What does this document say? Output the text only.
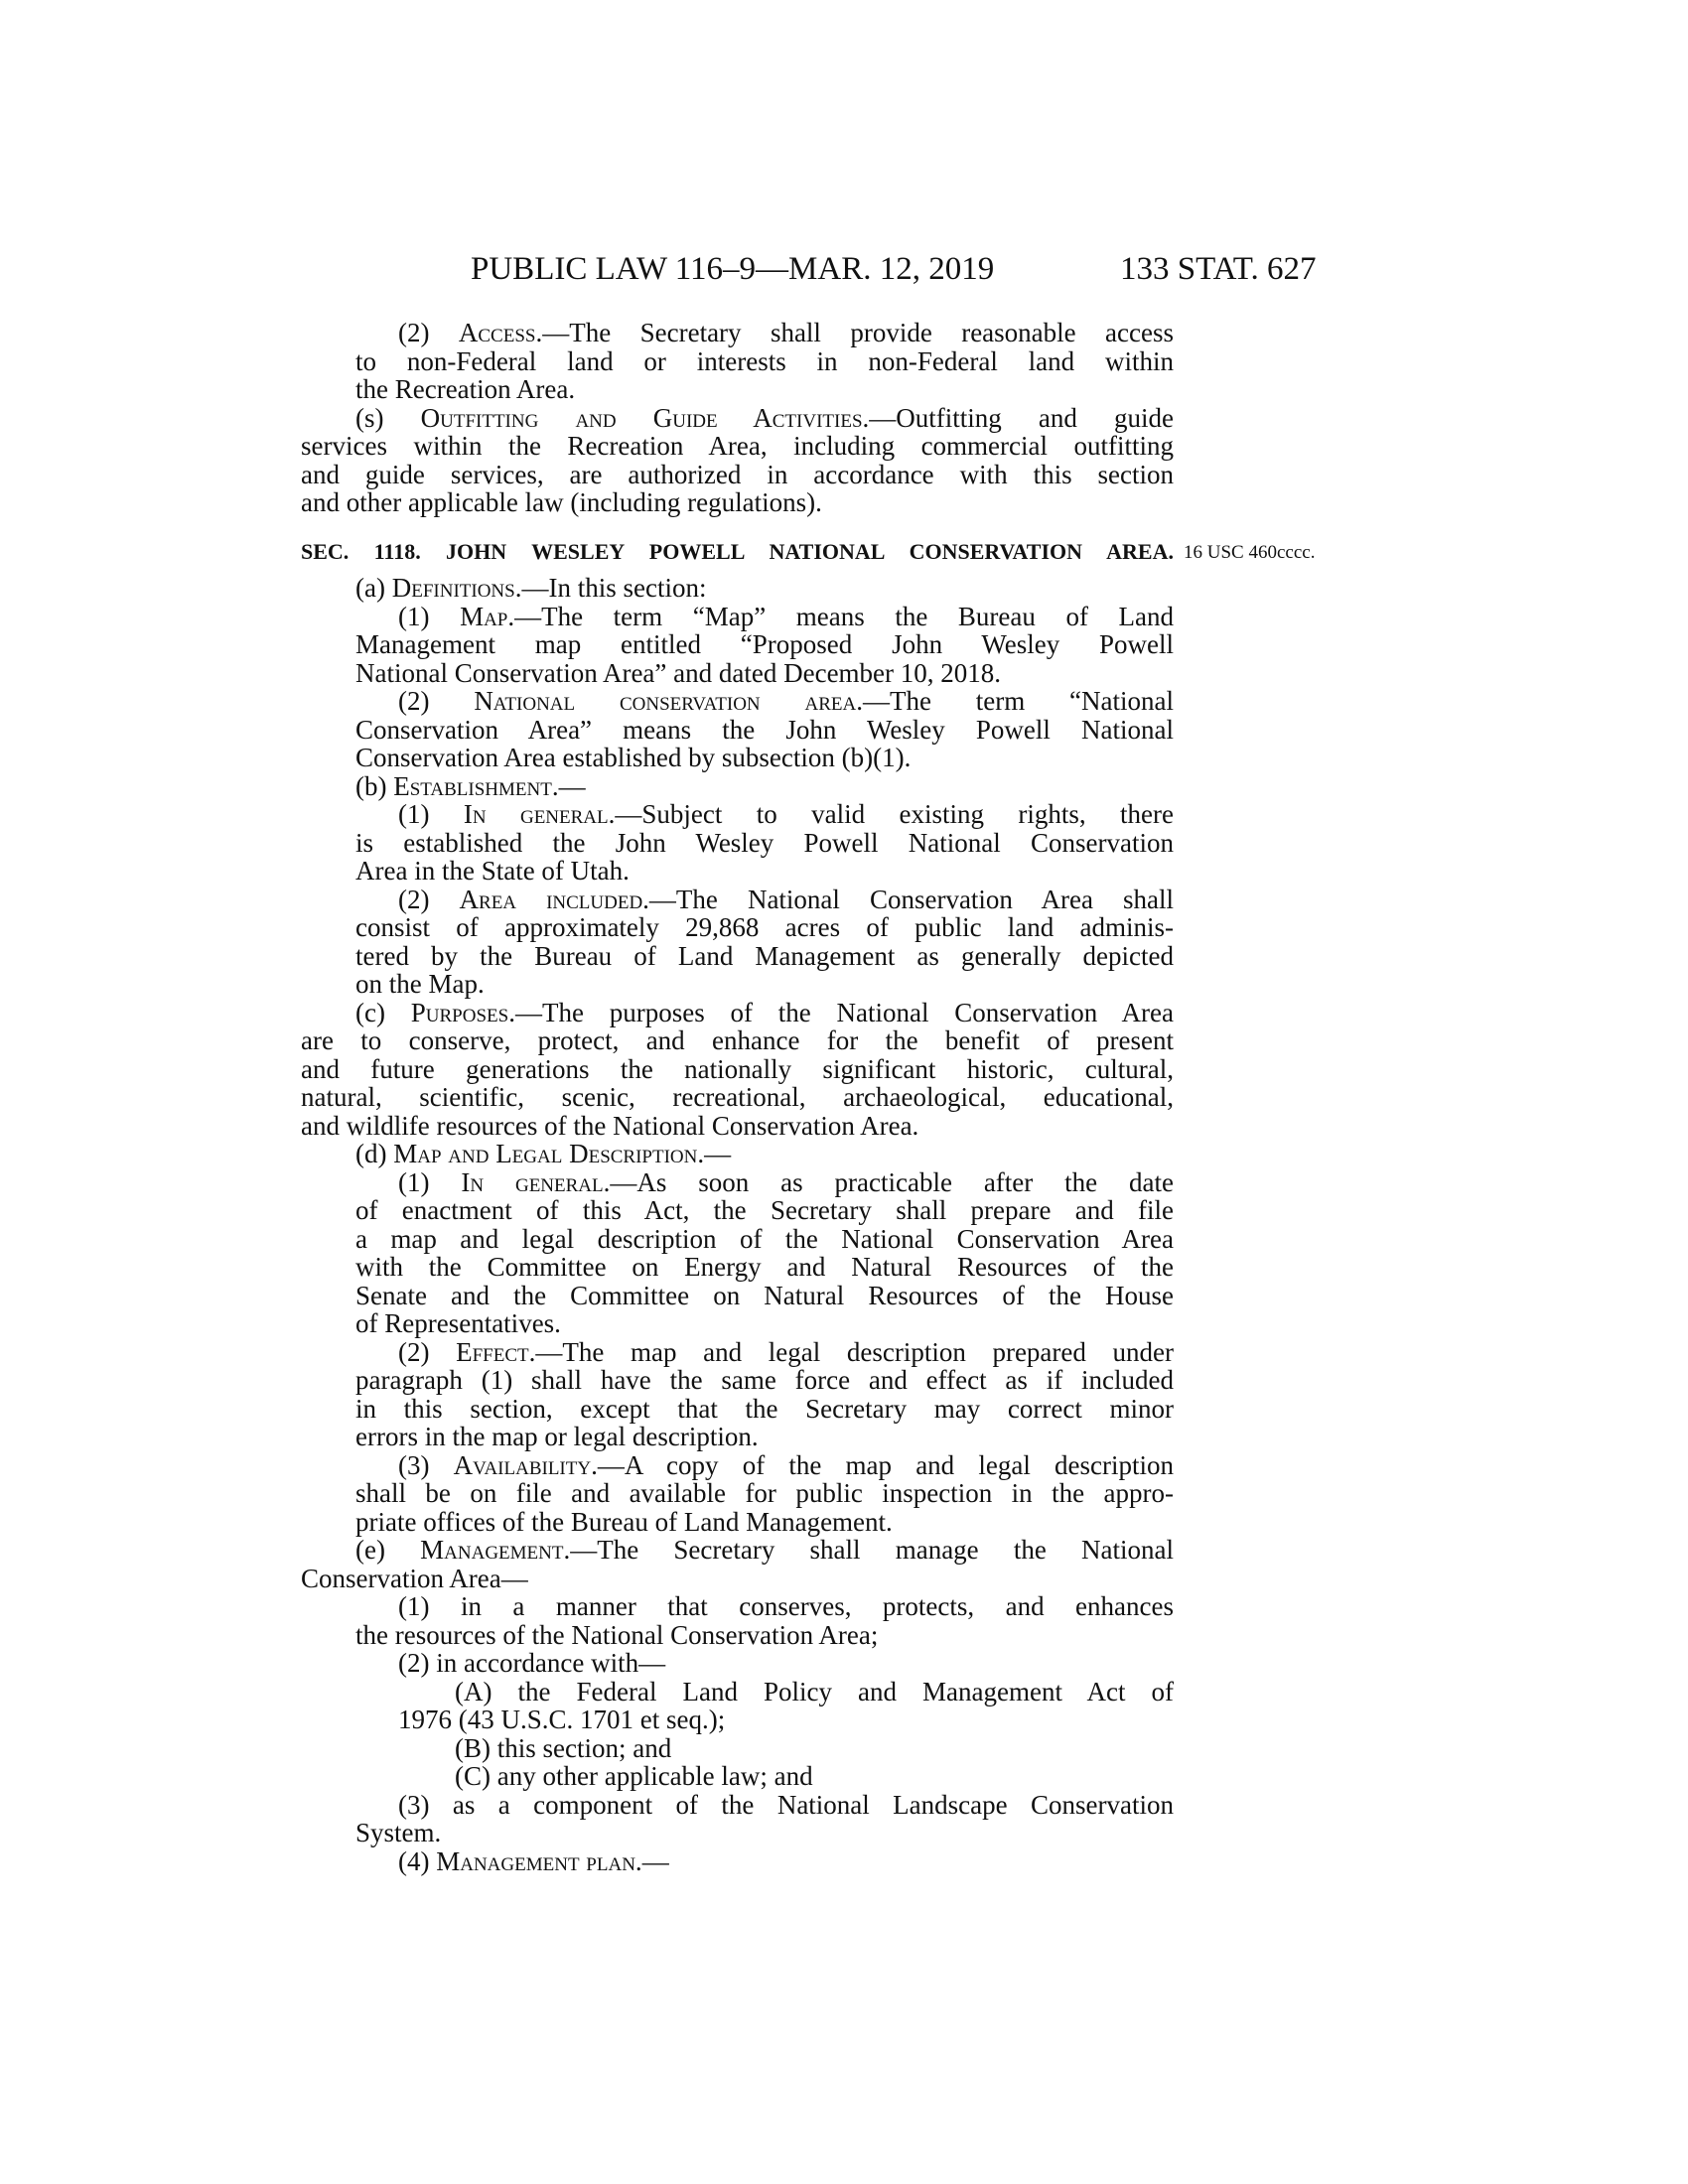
PUBLIC LAW 116–9—MAR. 12, 2019	133 STAT. 627
(2) Access.—The Secretary shall provide reasonable access
to non-Federal land or interests in non-Federal land within
the Recreation Area.
(s) Outfitting and Guide Activities.—Outfitting and guide
services within the Recreation Area, including commercial outfitting
and guide services, are authorized in accordance with this section
and other applicable law (including regulations).
SEC. 1118. JOHN WESLEY POWELL NATIONAL CONSERVATION AREA. 16 USC 460cccc.
(a) Definitions.—In this section:
(1) Map.—The term “Map” means the Bureau of Land
Management map entitled “Proposed John Wesley Powell
National Conservation Area” and dated December 10, 2018.
(2) National conservation area.—The term “National
Conservation Area” means the John Wesley Powell National
Conservation Area established by subsection (b)(1).
(b) Establishment.—
(1) In general.—Subject to valid existing rights, there
is established the John Wesley Powell National Conservation
Area in the State of Utah.
(2) Area included.—The National Conservation Area shall
consist of approximately 29,868 acres of public land adminis-
tered by the Bureau of Land Management as generally depicted
on the Map.
(c) Purposes.—The purposes of the National Conservation Area
are to conserve, protect, and enhance for the benefit of present
and future generations the nationally significant historic, cultural,
natural, scientific, scenic, recreational, archaeological, educational,
and wildlife resources of the National Conservation Area.
(d) Map and Legal Description.—
(1) In general.—As soon as practicable after the date
of enactment of this Act, the Secretary shall prepare and file
a map and legal description of the National Conservation Area
with the Committee on Energy and Natural Resources of the
Senate and the Committee on Natural Resources of the House
of Representatives.
(2) Effect.—The map and legal description prepared under
paragraph (1) shall have the same force and effect as if included
in this section, except that the Secretary may correct minor
errors in the map or legal description.
(3) Availability.—A copy of the map and legal description
shall be on file and available for public inspection in the appro-
priate offices of the Bureau of Land Management.
(e) Management.—The Secretary shall manage the National
Conservation Area—
(1) in a manner that conserves, protects, and enhances
the resources of the National Conservation Area;
(2) in accordance with—
(A) the Federal Land Policy and Management Act of
1976 (43 U.S.C. 1701 et seq.);
(B) this section; and
(C) any other applicable law; and
(3) as a component of the National Landscape Conservation
System.
(4) Management plan.—
